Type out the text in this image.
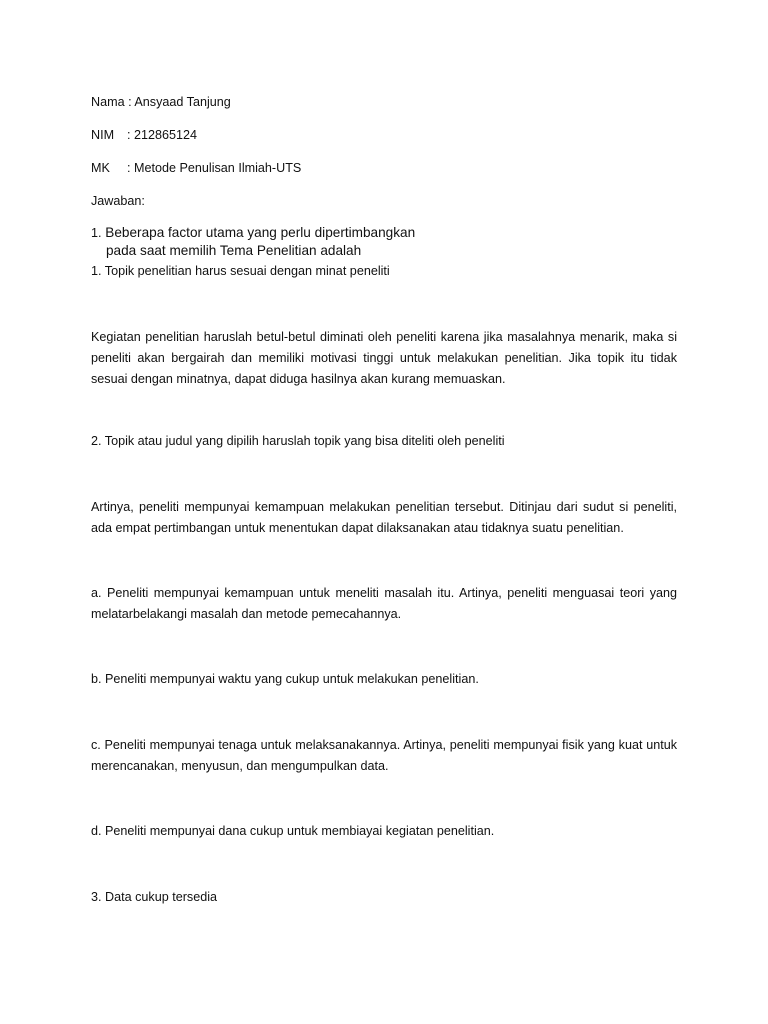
Nama : Ansyaad Tanjung

NIM : 212865124

MK : Metode Penulisan Ilmiah-UTS

Jawaban:

1. Beberapa factor utama yang perlu dipertimbangkan
pada saat memilih Tema Penelitian adalah

1. Topik penelitian harus sesuai dengan minat peneliti

Kegiatan penelitian haruslah betul-betul diminati oleh peneliti karena jika masalahnya menarik, maka si peneliti akan bergairah dan memiliki motivasi tinggi untuk melakukan penelitian. Jika topik itu tidak sesuai dengan minatnya, dapat diduga hasilnya akan kurang memuaskan.

2. Topik atau judul yang dipilih haruslah topik yang bisa diteliti oleh peneliti

Artinya, peneliti mempunyai kemampuan melakukan penelitian tersebut. Ditinjau dari sudut si peneliti, ada empat pertimbangan untuk menentukan dapat dilaksanakan atau tidaknya suatu penelitian.

a. Peneliti mempunyai kemampuan untuk meneliti masalah itu. Artinya, peneliti menguasai teori yang melatarbelakangi masalah dan metode pemecahannya.

b. Peneliti mempunyai waktu yang cukup untuk melakukan penelitian.

c. Peneliti mempunyai tenaga untuk melaksanakannya. Artinya, peneliti mempunyai fisik yang kuat untuk merencanakan, menyusun, dan mengumpulkan data.

d. Peneliti mempunyai dana cukup untuk membiayai kegiatan penelitian.

3. Data cukup tersedia
